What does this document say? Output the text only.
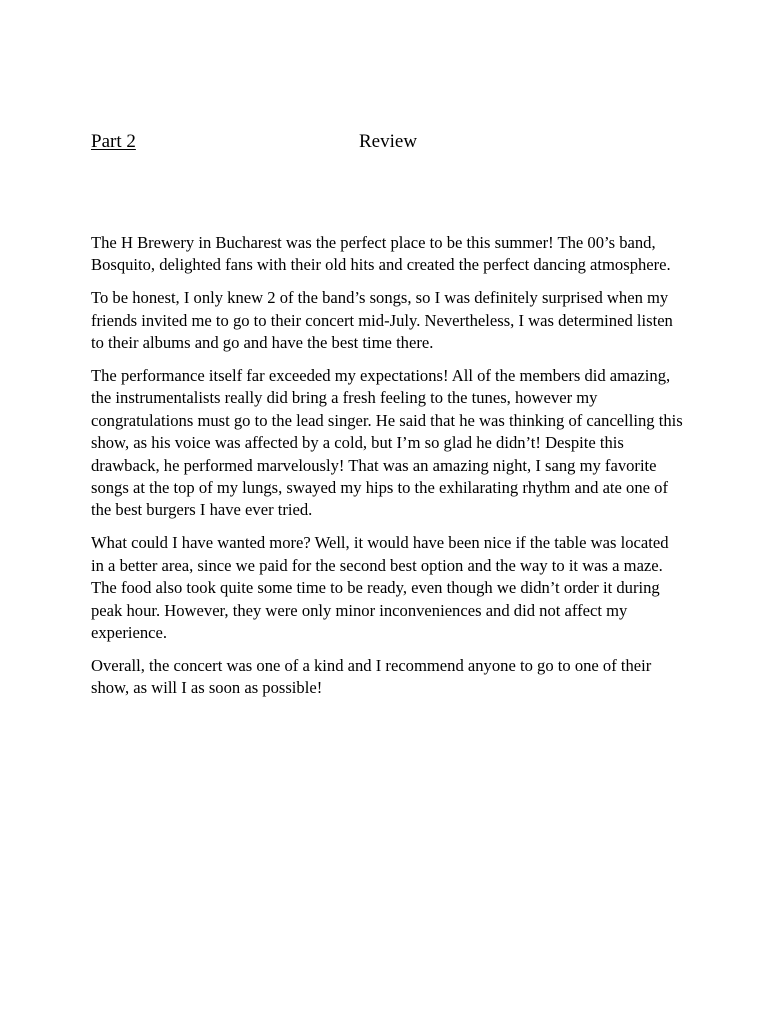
Part 2	Review

The H Brewery in Bucharest was the perfect place to be this summer! The 00’s band, Bosquito, delighted fans with their old hits and created the perfect dancing atmosphere.

To be honest, I only knew 2 of the band’s songs, so I was definitely surprised when my friends invited me to go to their concert mid-July. Nevertheless, I was determined listen to their albums and go and have the best time there.

The performance itself far exceeded my expectations! All of the members did amazing, the instrumentalists really did bring a fresh feeling to the tunes, however my congratulations must go to the lead singer. He said that he was thinking of cancelling this show, as his voice was affected by a cold, but I’m so glad he didn’t! Despite this drawback, he performed marvelously! That was an amazing night, I sang my favorite songs at the top of my lungs, swayed my hips to the exhilarating rhythm and ate one of the best burgers I have ever tried.

What could I have wanted more? Well, it would have been nice if the table was located in a better area, since we paid for the second best option and the way to it was a maze. The food also took quite some time to be ready, even though we didn’t order it during peak hour. However, they were only minor inconveniences and did not affect my experience.

Overall, the concert was one of a kind and I recommend anyone to go to one of their show, as will I as soon as possible!
